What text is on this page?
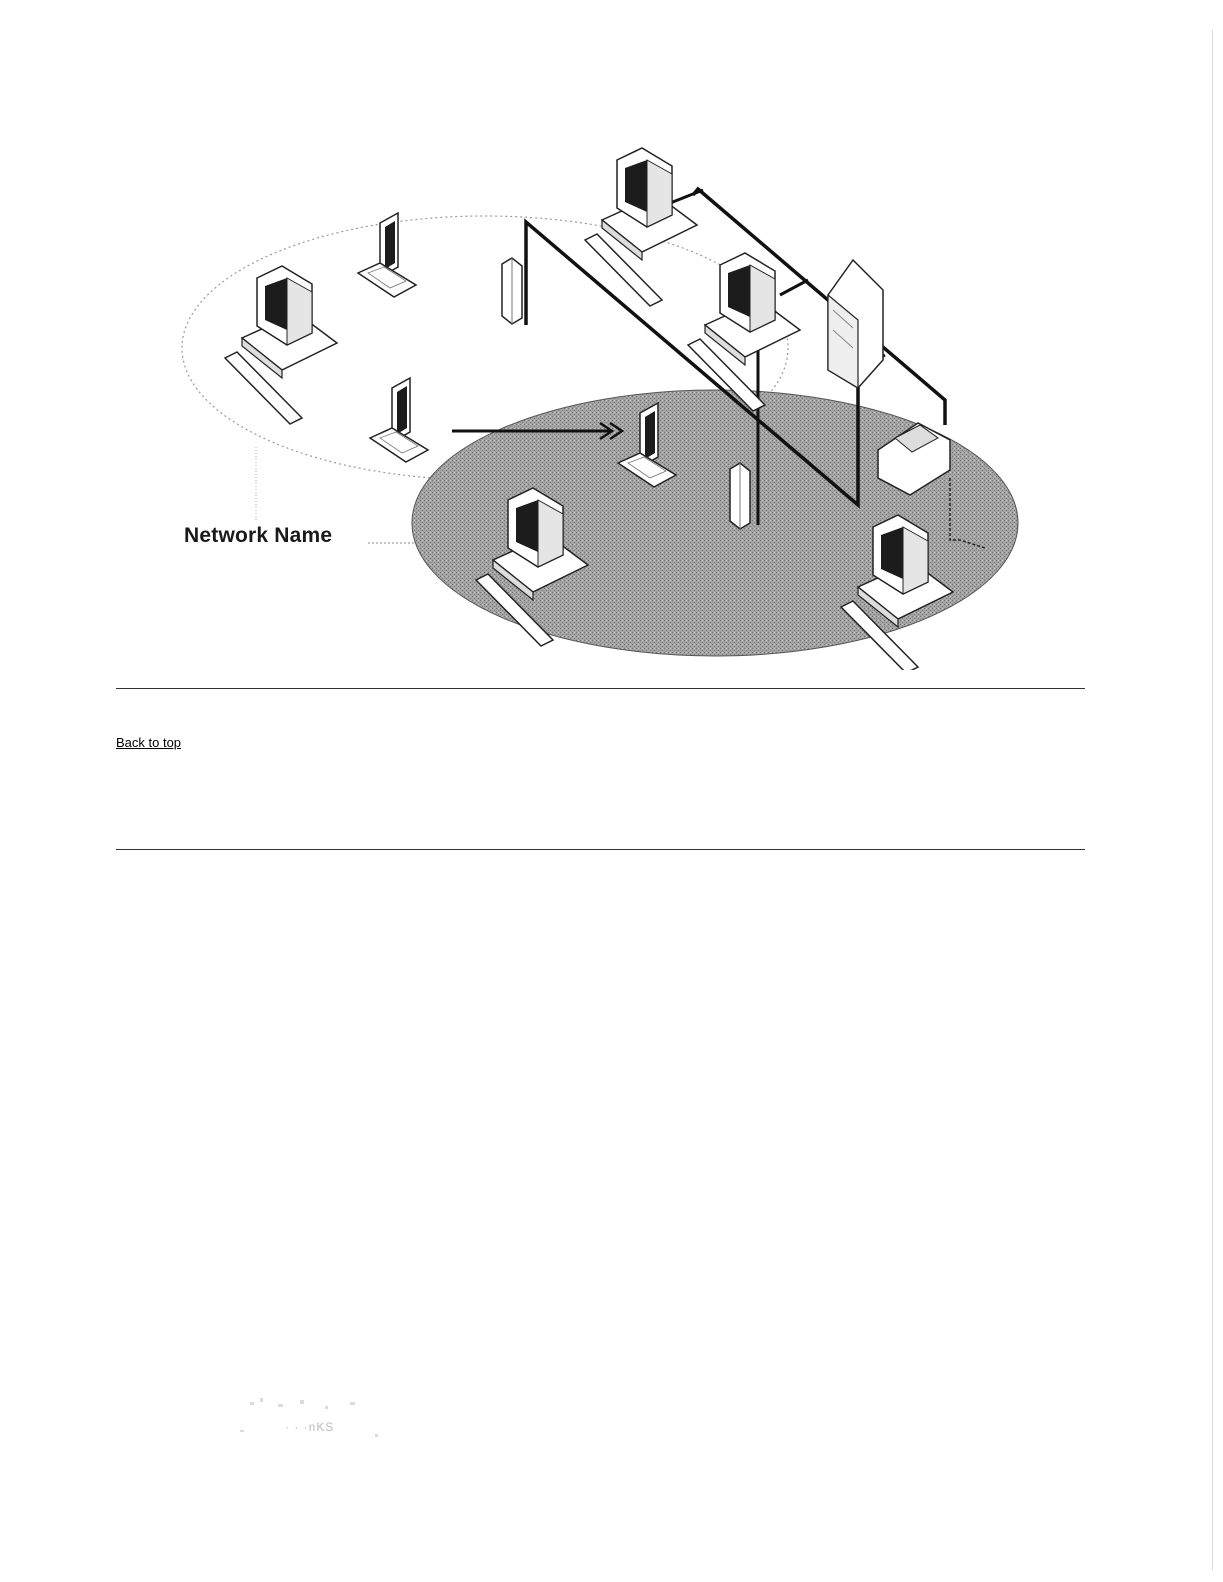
Network Name
Back to top
· · ·nKS
